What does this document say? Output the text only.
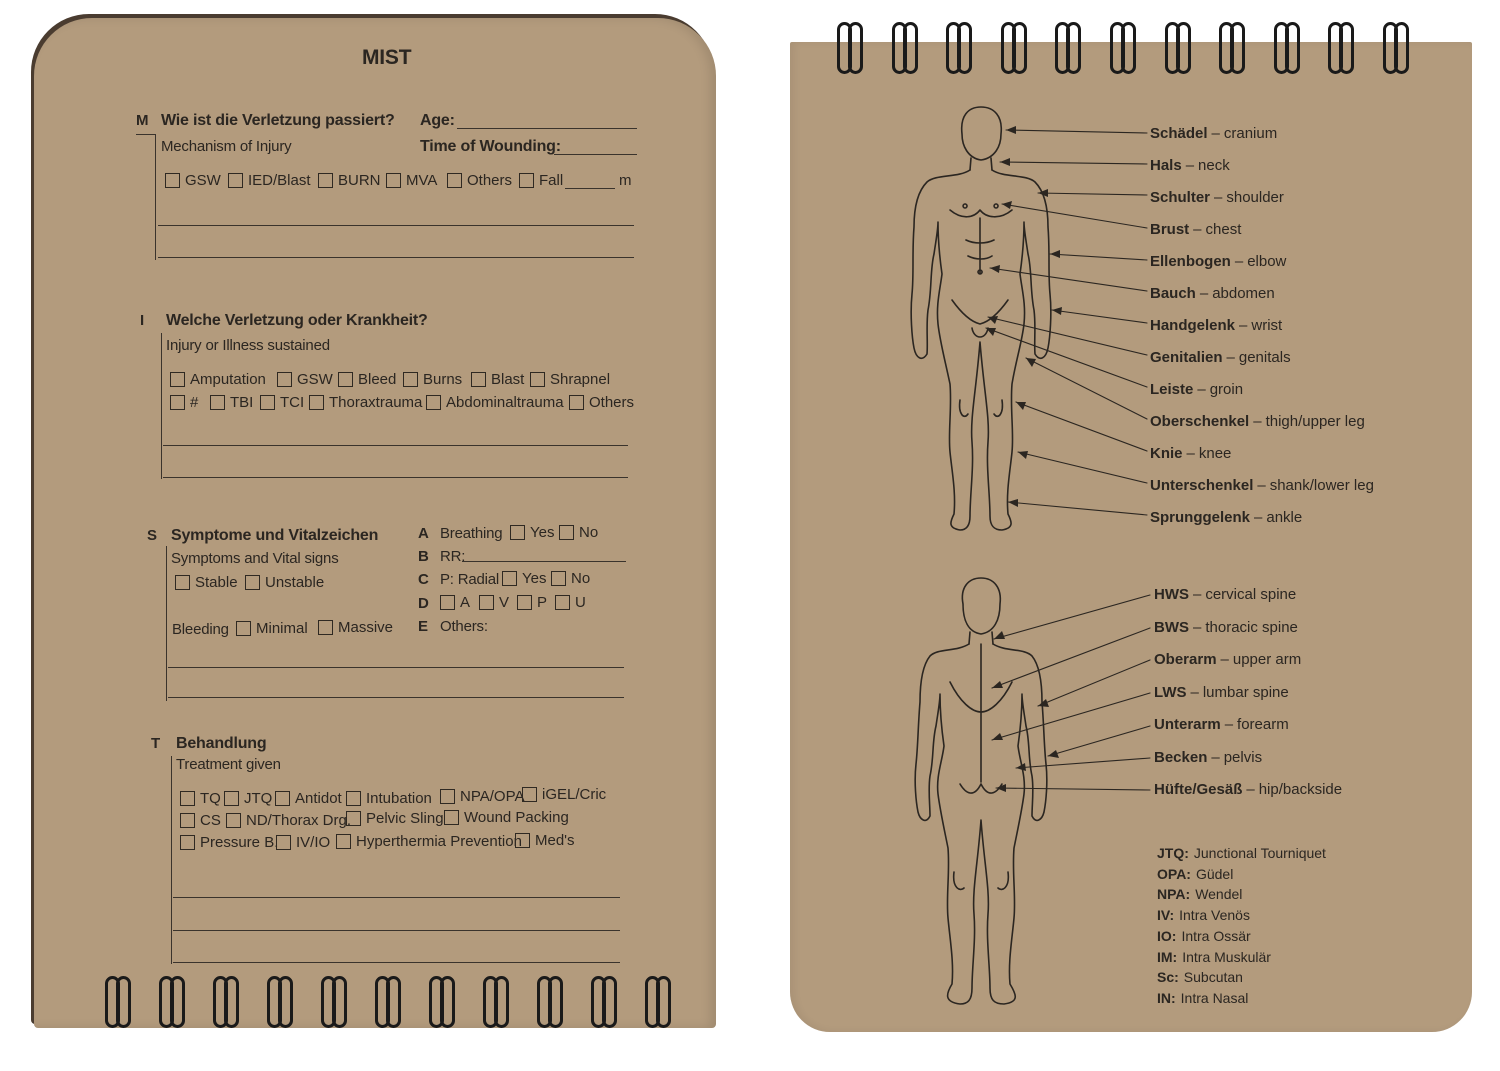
MIST
M Wie ist die Verletzung passiert?
Mechanism of Injury
Age:
Time of Wounding:
GSW IED/Blast BURN MVA Others Fall	m
I Welche Verletzung oder Krankheit?
Injury or Illness sustained
Amputation GSW Bleed Burns Blast Shrapnel
# TBI TCI Thoraxtrauma Abdominaltrauma Others
S Symptome und Vitalzeichen
Symptoms and Vital signs
Stable Unstable
Bleeding Minimal Massive
A Breathing Yes No
B RR:
C P: Radial Yes No
D A V P U
E Others:
T Behandlung
Treatment given
TQ JTQ Antidot Intubation NPA/OPA iGEL/Cric
CS ND/Thorax Drg. Pelvic Sling Wound Packing
Pressure B. IV/IO Hyperthermia Prevention Med's
Schädel – cranium
Hals – neck
Schulter – shoulder
Brust – chest
Ellenbogen – elbow
Bauch – abdomen
Handgelenk – wrist
Genitalien – genitals
Leiste – groin
Oberschenkel – thigh/upper leg
Knie – knee
Unterschenkel – shank/lower leg
Sprunggelenk – ankle
HWS – cervical spine
BWS – thoracic spine
Oberarm – upper arm
LWS – lumbar spine
Unterarm – forearm
Becken – pelvis
Hüfte/Gesäß – hip/backside
JTQ: Junctional Tourniquet
OPA: Güdel
NPA: Wendel
IV: Intra Venös
IO: Intra Ossär
IM: Intra Muskulär
Sc: Subcutan
IN: Intra Nasal
